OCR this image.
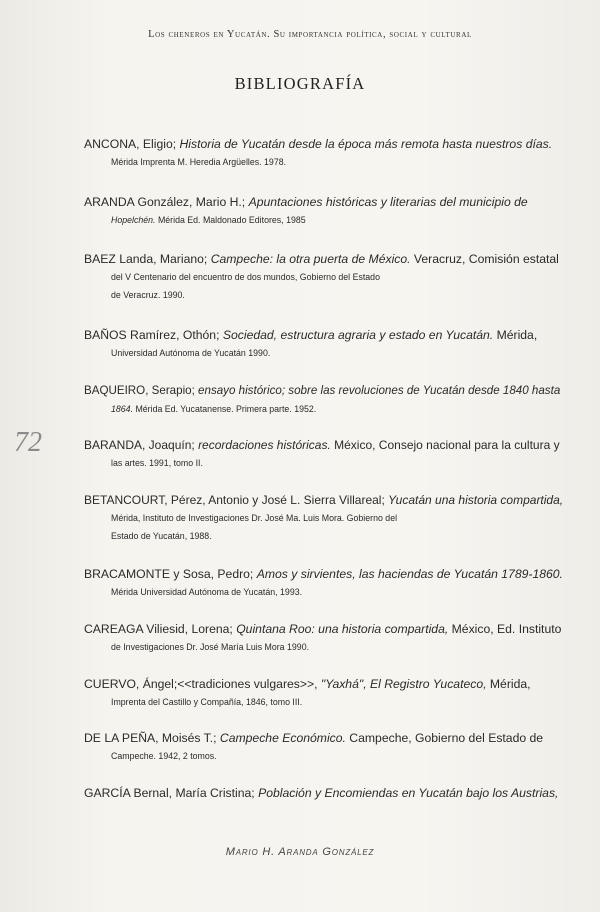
Los cheneros en Yucatán. Su importancia política, social y cultural
BIBLIOGRAFÍA
72
ANCONA, Eligio; Historia de Yucatán desde la época más remota hasta nuestros días.
Mérida Imprenta M. Heredia Argüelles. 1978.
ARANDA González, Mario H.; Apuntaciones históricas y literarias del municipio de
Hopelchén. Mérida Ed. Maldonado Editores, 1985
BAEZ Landa, Mariano; Campeche: la otra puerta de México. Veracruz, Comisión estatal
del V Centenario del encuentro de dos mundos, Gobierno del Estado
de Veracruz. 1990.
BAÑOS Ramírez, Othón; Sociedad, estructura agraria y estado en Yucatán. Mérida,
Universidad Autónoma de Yucatán 1990.
BAQUEIRO, Serapio; ensayo histórico; sobre las revoluciones de Yucatán desde 1840 hasta
1864. Mérida Ed. Yucatanense. Primera parte. 1952.
BARANDA, Joaquín; recordaciones históricas. México, Consejo nacional para la cultura y
las artes. 1991, tomo II.
BETANCOURT, Pérez, Antonio y José L. Sierra Villareal; Yucatán una historia compartida,
Mérida, Instituto de Investigaciones Dr. José Ma. Luis Mora. Gobierno del
Estado de Yucatán, 1988.
BRACAMONTE y Sosa, Pedro; Amos y sirvientes, las haciendas de Yucatán 1789-1860.
Mérida Universidad Autónoma de Yucatán, 1993.
CAREAGA Viliesid, Lorena; Quintana Roo: una historia compartida, México, Ed. Instituto
de Investigaciones Dr. José María Luis Mora 1990.
CUERVO, Ángel;<<tradiciones vulgares>>, "Yaxhá", El Registro Yucateco, Mérida,
Imprenta del Castillo y Compañía, 1846, tomo III.
DE LA PEÑA, Moisés T.; Campeche Económico. Campeche, Gobierno del Estado de
Campeche. 1942, 2 tomos.
GARCÍA Bernal, María Cristina; Población y Encomiendas en Yucatán bajo los Austrias,
Mario H. Aranda González
